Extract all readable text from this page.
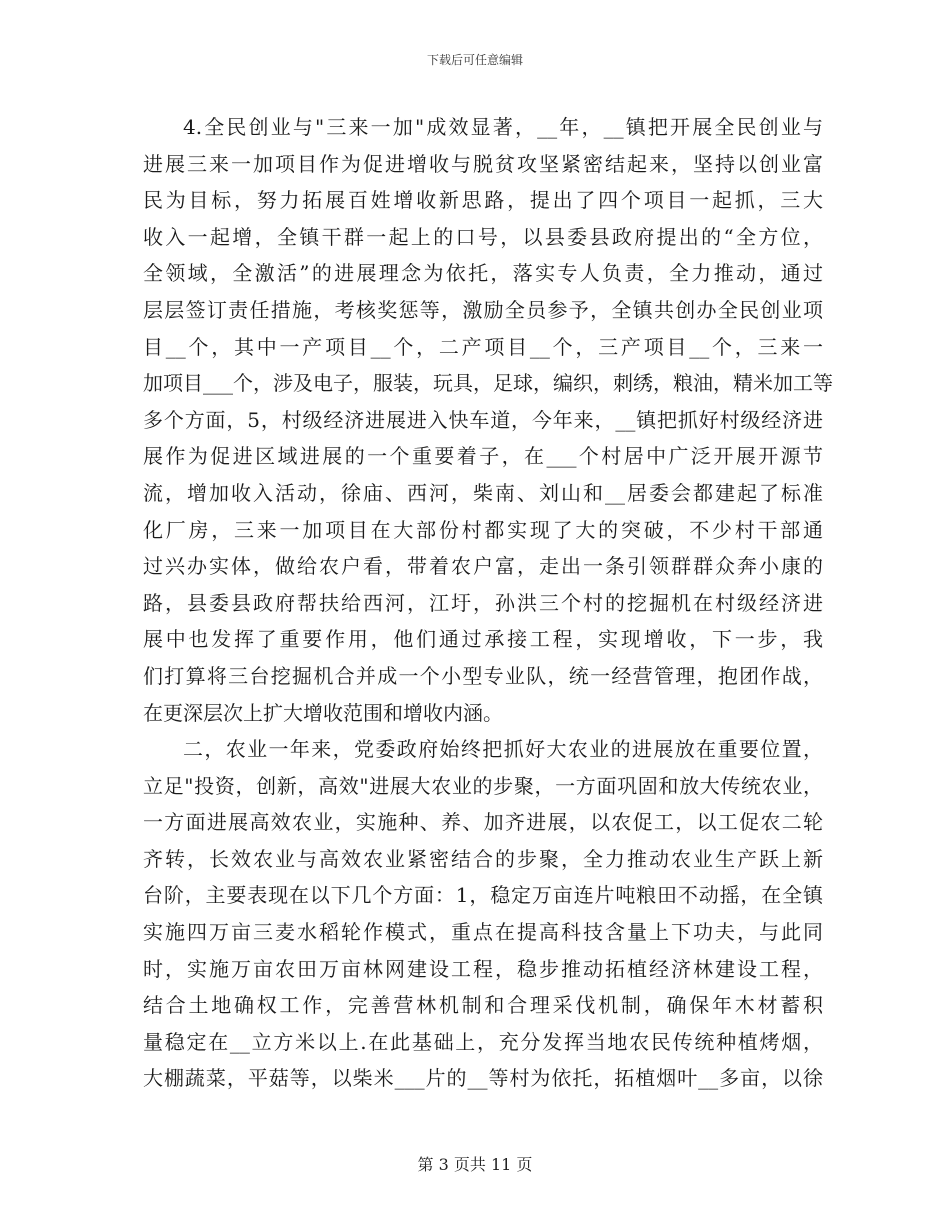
下载后可任意编辑
4.全民创业与"三来一加"成效显著，__年，__镇把开展全民创业与
进展三来一加项目作为促进增收与脱贫攻坚紧密结起来，坚持以创业富
民为目标，努力拓展百姓增收新思路，提出了四个项目一起抓，三大
收入一起增，全镇干群一起上的口号，以县委县政府提出的“全方位，
全领域，全激活”的进展理念为依托，落实专人负责，全力推动，通过
层层签订责任措施，考核奖惩等，激励全员参予，全镇共创办全民创业项
目__个，其中一产项目__个，二产项目__个，三产项目__个，三来一
加项目___个，涉及电子，服装，玩具，足球，编织，刺绣，粮油，精米加工等
多个方面，5，村级经济进展进入快车道，今年来，__镇把抓好村级经济进
展作为促进区域进展的一个重要着子，在___个村居中广泛开展开源节
流，增加收入活动，徐庙、西河，柴南、刘山和__居委会都建起了标准
化厂房，三来一加项目在大部份村都实现了大的突破，不少村干部通
过兴办实体，做给农户看，带着农户富，走出一条引领群群众奔小康的
路，县委县政府帮扶给西河，江圩，孙洪三个村的挖掘机在村级经济进
展中也发挥了重要作用，他们通过承接工程，实现增收，下一步，我
们打算将三台挖掘机合并成一个小型专业队，统一经营管理，抱团作战，
在更深层次上扩大增收范围和增收内涵。
二，农业一年来，党委政府始终把抓好大农业的进展放在重要位置，
立足"投资，创新，高效"进展大农业的步聚，一方面巩固和放大传统农业，
一方面进展高效农业，实施种、养、加齐进展，以农促工，以工促农二轮
齐转，长效农业与高效农业紧密结合的步聚，全力推动农业生产跃上新
台阶，主要表现在以下几个方面：1，稳定万亩连片吨粮田不动摇，在全镇
实施四万亩三麦水稻轮作模式，重点在提高科技含量上下功夫，与此同
时，实施万亩农田万亩林网建设工程，稳步推动拓植经济林建设工程，
结合土地确权工作，完善营林机制和合理采伐机制，确保年木材蓄积
量稳定在__立方米以上.在此基础上，充分发挥当地农民传统种植烤烟，
大棚蔬菜，平菇等，以柴米___片的__等村为依托，拓植烟叶__多亩，以徐
第 3 页共 11 页
